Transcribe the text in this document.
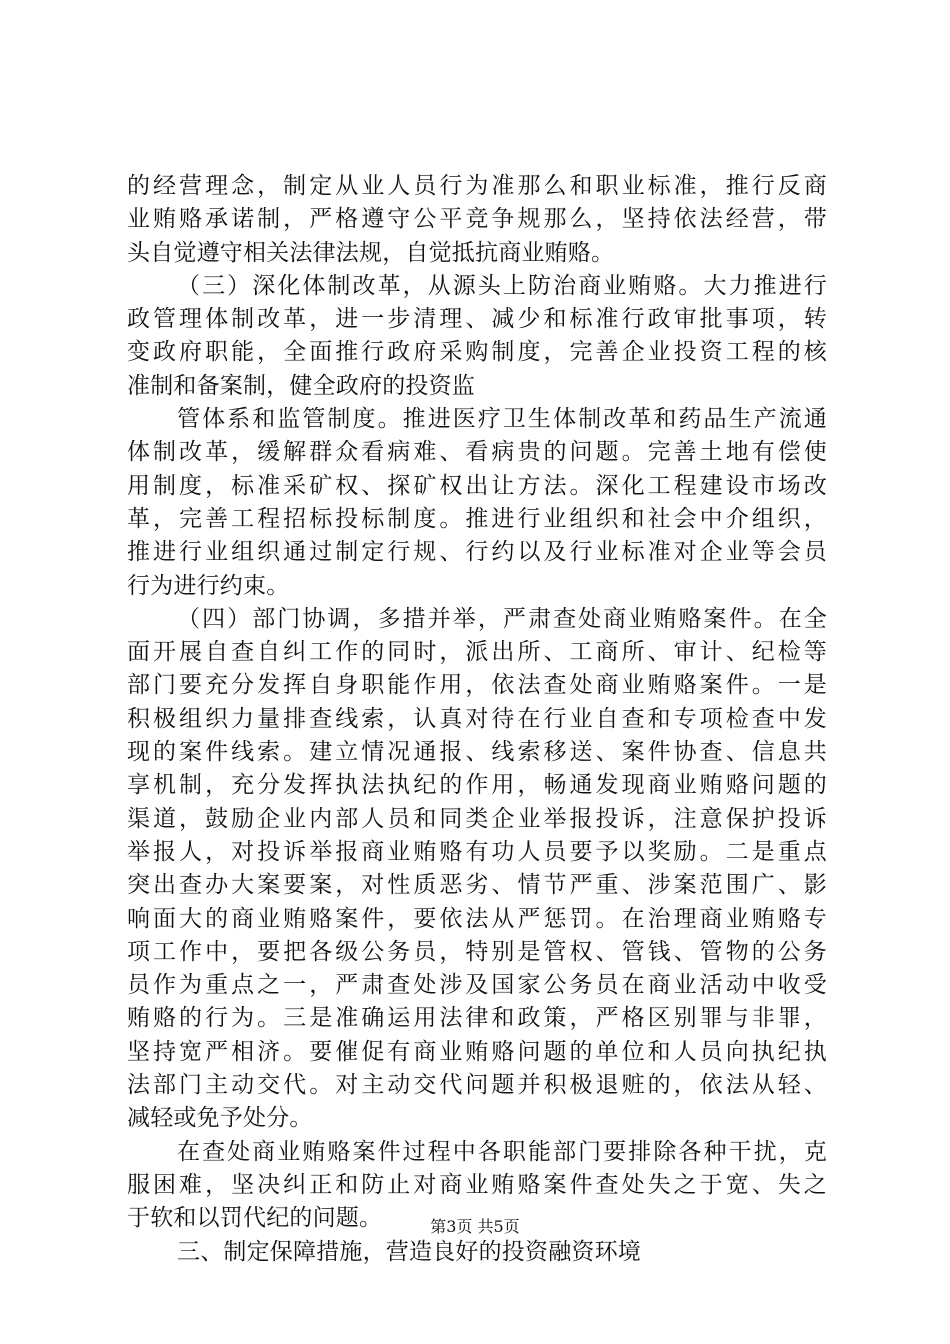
的经营理念，制定从业人员行为准那么和职业标准，推行反商
业贿赂承诺制，严格遵守公平竞争规那么，坚持依法经营，带
头自觉遵守相关法律法规，自觉抵抗商业贿赂。
（三）深化体制改革，从源头上防治商业贿赂。大力推进行
政管理体制改革，进一步清理、减少和标准行政审批事项，转
变政府职能，全面推行政府采购制度，完善企业投资工程的核
准制和备案制，健全政府的投资监
管体系和监管制度。推进医疗卫生体制改革和药品生产流通
体制改革，缓解群众看病难、看病贵的问题。完善土地有偿使
用制度，标准采矿权、探矿权出让方法。深化工程建设市场改
革，完善工程招标投标制度。推进行业组织和社会中介组织，
推进行业组织通过制定行规、行约以及行业标准对企业等会员
行为进行约束。
（四）部门协调，多措并举，严肃查处商业贿赂案件。在全
面开展自查自纠工作的同时，派出所、工商所、审计、纪检等
部门要充分发挥自身职能作用，依法查处商业贿赂案件。一是
积极组织力量排查线索，认真对待在行业自查和专项检查中发
现的案件线索。建立情况通报、线索移送、案件协查、信息共
享机制，充分发挥执法执纪的作用，畅通发现商业贿赂问题的
渠道，鼓励企业内部人员和同类企业举报投诉，注意保护投诉
举报人，对投诉举报商业贿赂有功人员要予以奖励。二是重点
突出查办大案要案，对性质恶劣、情节严重、涉案范围广、影
响面大的商业贿赂案件，要依法从严惩罚。在治理商业贿赂专
项工作中，要把各级公务员，特别是管权、管钱、管物的公务
员作为重点之一，严肃查处涉及国家公务员在商业活动中收受
贿赂的行为。三是准确运用法律和政策，严格区别罪与非罪，
坚持宽严相济。要催促有商业贿赂问题的单位和人员向执纪执
法部门主动交代。对主动交代问题并积极退赃的，依法从轻、
减轻或免予处分。
在查处商业贿赂案件过程中各职能部门要排除各种干扰，克
服困难，坚决纠正和防止对商业贿赂案件查处失之于宽、失之
于软和以罚代纪的问题。
三、制定保障措施，营造良好的投资融资环境
第3页 共5页
